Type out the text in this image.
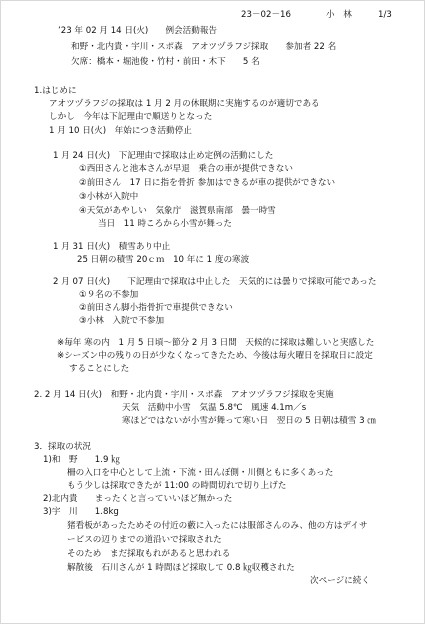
23－02－16	小　林	1/3
’23 年 02 月 14 日(火)　　例会活動報告
和野・北内貴・宇川・スポ森　アオツヅラフジ採取　　参加者 22 名
欠席：橋本・堀池俊・竹村・前田・木下　　5 名
1.はじめに
アオツヅラフジの採取は 1 月 2 月の休眠期に実施するのが適切である
しかし　今年は下記理由で順送りとなった
1 月 10 日(火)　年始につき活動停止
1 月 24 日(火)　下記理由で採取は止め定例の活動にした
①西田さんと池本さんが早退　乗合の車が提供できない
②前田さん　17 日に指を骨折 参加はできるが車の提供ができない
③小林が入院中
④天気があやしい　気象庁　滋賀県南部　曇一時雪
当日　11 時ころから小雪が舞った
1 月 31 日(火)　積雪あり中止
25 日朝の積雪 20ｃｍ　10 年に 1 度の寒波
2 月 07 日(火)　　下記理由で採取は中止した　天気的には曇りで採取可能であった
①９名の不参加
②前田さん脚小指骨折で車提供できない
③小林　入院で不参加
※毎年 寒の内　1 月 5 日頃～節分 2 月 3 日間　天候的に採取は難しいと実感した
※シーズン中の残りの日が少なくなってきたため、今後は毎火曜日を採取日に設定
することにした
2. 2 月 14 日(火)　和野・北内貴・宇川・スポ森　アオツヅラフジ採取を実施
天気　活動中小雪　気温 5.8℃　風速 4.1m／s
寒ほどではないが小雪が舞って寒い日　翌日の 5 日朝は積雪 3 ㎝
3．採取の状況
1)和　野　　1.9 ㎏
柵の入口を中心として上流・下流・田んぼ側・川側ともに多くあった
もう少しは採取できたが 11:00 の時間切れで切り上げた
2)北内貴　　まったくと言っていいほど無かった
3)宇　川　　1.8kg
猪看板があったためその付近の藪に入ったには服部さんのみ、他の方はデイサ
ービスの辺りまでの道沿いで採取された
そのため　まだ採取もれがあると思われる
解散後　石川さんが 1 時間ほど採取して 0.8 ㎏収穫された
次ページに続く
